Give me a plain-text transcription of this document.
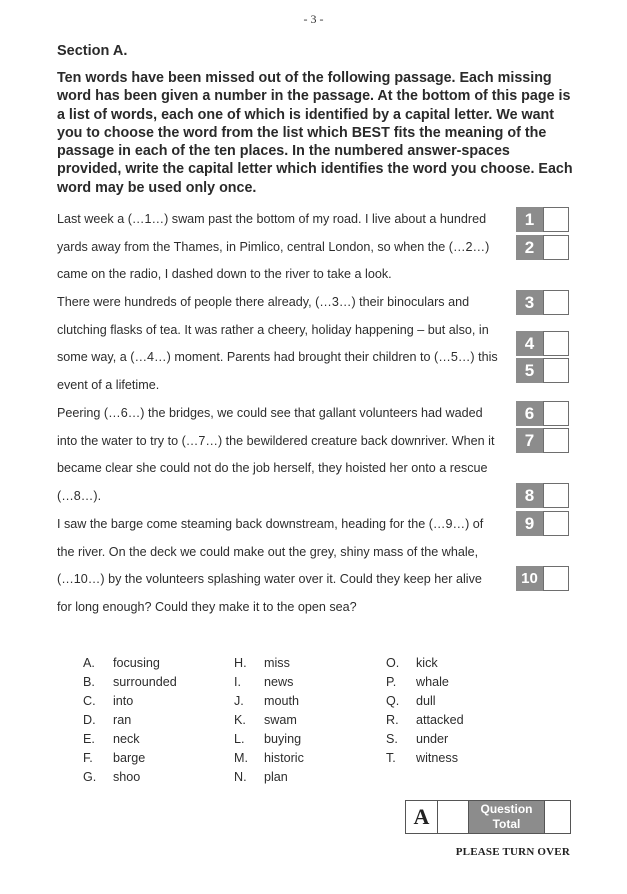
- 3 -
Section A.
Ten words have been missed out of the following passage. Each missing word has been given a number in the passage. At the bottom of this page is a list of words, each one of which is identified by a capital letter. We want you to choose the word from the list which BEST fits the meaning of the passage in each of the ten places. In the numbered answer-spaces provided, write the capital letter which identifies the word you choose. Each word may be used only once.
Last week a (…1…) swam past the bottom of my road. I live about a hundred
yards away from the Thames, in Pimlico, central London, so when the (…2…)
came on the radio, I dashed down to the river to take a look.
There were hundreds of people there already, (…3…) their binoculars and
clutching flasks of tea. It was rather a cheery, holiday happening – but also, in
some way, a (…4…) moment. Parents had brought their children to (…5…) this
event of a lifetime.
Peering (…6…) the bridges, we could see that gallant volunteers had waded
into the water to try to (…7…) the bewildered creature back downriver. When it
became clear she could not do the job herself, they hoisted her onto a rescue
(…8…).
I saw the barge come steaming back downstream, heading for the (…9…) of
the river. On the deck we could make out the grey, shiny mass of the whale,
(…10…) by the volunteers splashing water over it. Could they keep her alive
for long enough? Could they make it to the open sea?
1
2
3
4
5
6
7
8
9
10
A. focusing
B. surrounded
C. into
D. ran
E. neck
F. barge
G. shoo
H. miss
I. news
J. mouth
K. swam
L. buying
M. historic
N. plan
O. kick
P. whale
Q. dull
R. attacked
S. under
T. witness
A	Question
Total
PLEASE TURN OVER
